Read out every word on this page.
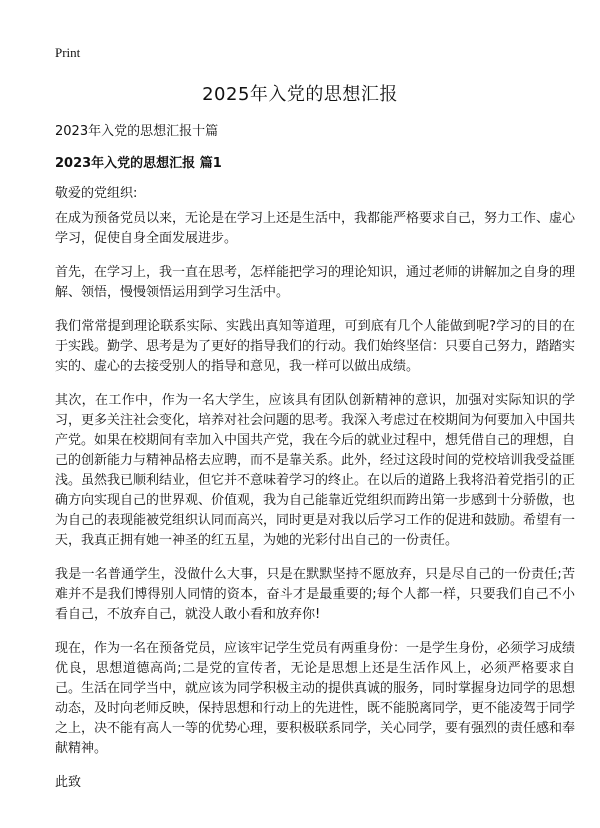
Print
2025年入党的思想汇报
2023年入党的思想汇报十篇
2023年入党的思想汇报 篇1
敬爱的党组织:

在成为预备党员以来，无论是在学习上还是生活中，我都能严格要求自己，努力工作、虚心学习，促使自身全面发展进步。

首先，在学习上，我一直在思考，怎样能把学习的理论知识，通过老师的讲解加之自身的理解、领悟，慢慢领悟运用到学习生活中。

我们常常提到理论联系实际、实践出真知等道理，可到底有几个人能做到呢?学习的目的在于实践。勤学、思考是为了更好的指导我们的行动。我们始终坚信：只要自己努力，踏踏实实的、虚心的去接受别人的指导和意见，我一样可以做出成绩。

其次，在工作中，作为一名大学生，应该具有团队创新精神的意识，加强对实际知识的学习，更多关注社会变化，培养对社会问题的思考。我深入考虑过在校期间为何要加入中国共产党。如果在校期间有幸加入中国共产党，我在今后的就业过程中，想凭借自己的理想，自己的创新能力与精神品格去应聘，而不是靠关系。此外，经过这段时间的党校培训我受益匪浅。虽然我已顺利结业，但它并不意味着学习的终止。在以后的道路上我将沿着党指引的正确方向实现自己的世界观、价值观，我为自己能靠近党组织而跨出第一步感到十分骄傲，也为自己的表现能被党组织认同而高兴，同时更是对我以后学习工作的促进和鼓励。希望有一天，我真正拥有她一神圣的红五星，为她的光彩付出自己的一份责任。

我是一名普通学生，没做什么大事，只是在默默坚持不愿放弃，只是尽自己的一份责任;苦难并不是我们博得别人同情的资本，奋斗才是最重要的;每个人都一样，只要我们自己不小看自己，不放弃自己，就没人敢小看和放弃你!

现在，作为一名在预备党员，应该牢记学生党员有两重身份：一是学生身份，必须学习成绩优良，思想道德高尚;二是党的宣传者，无论是思想上还是生活作风上，必须严格要求自己。生活在同学当中，就应该为同学积极主动的提供真诚的服务，同时掌握身边同学的思想动态，及时向老师反映，保持思想和行动上的先进性，既不能脱离同学，更不能凌驾于同学之上，决不能有高人一等的优势心理，要积极联系同学，关心同学，要有强烈的责任感和奉献精神。

此致
